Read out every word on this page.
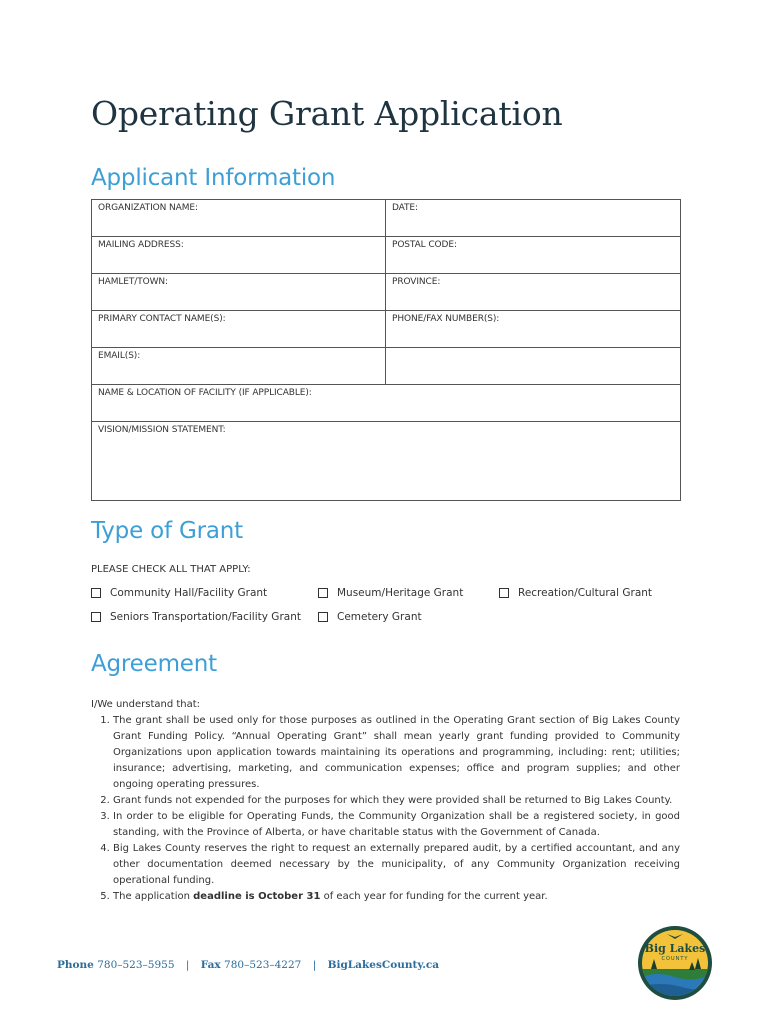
Operating Grant Application
Applicant Information
ORGANIZATION NAME:	DATE:
MAILING ADDRESS:	POSTAL CODE:
HAMLET/TOWN:	PROVINCE:
PRIMARY CONTACT NAME(S):	PHONE/FAX NUMBER(S):
EMAIL(S):	
NAME & LOCATION OF FACILITY (IF APPLICABLE):	
VISION/MISSION STATEMENT:	
Type of Grant
PLEASE CHECK ALL THAT APPLY:
Community Hall/Facility Grant	Museum/Heritage Grant	Recreation/Cultural Grant
Seniors Transportation/Facility Grant	Cemetery Grant
Agreement
I/We understand that:
1. The grant shall be used only for those purposes as outlined in the Operating Grant section of Big Lakes County Grant Funding Policy. “Annual Operating Grant” shall mean yearly grant funding provided to Community Organizations upon application towards maintaining its operations and programming, including: rent; utilities; insurance; advertising, marketing, and communication expenses; office and program supplies; and other ongoing operating pressures.
2. Grant funds not expended for the purposes for which they were provided shall be returned to Big Lakes County.
3. In order to be eligible for Operating Funds, the Community Organization shall be a registered society, in good standing, with the Province of Alberta, or have charitable status with the Government of Canada.
4. Big Lakes County reserves the right to request an externally prepared audit, by a certified accountant, and any other documentation deemed necessary by the municipality, of any Community Organization receiving operational funding.
5. The application deadline is October 31 of each year for funding for the current year.
Phone 780–523–5955 | Fax 780–523–4227 | BigLakesCounty.ca
Big Lakes
COUNTY
